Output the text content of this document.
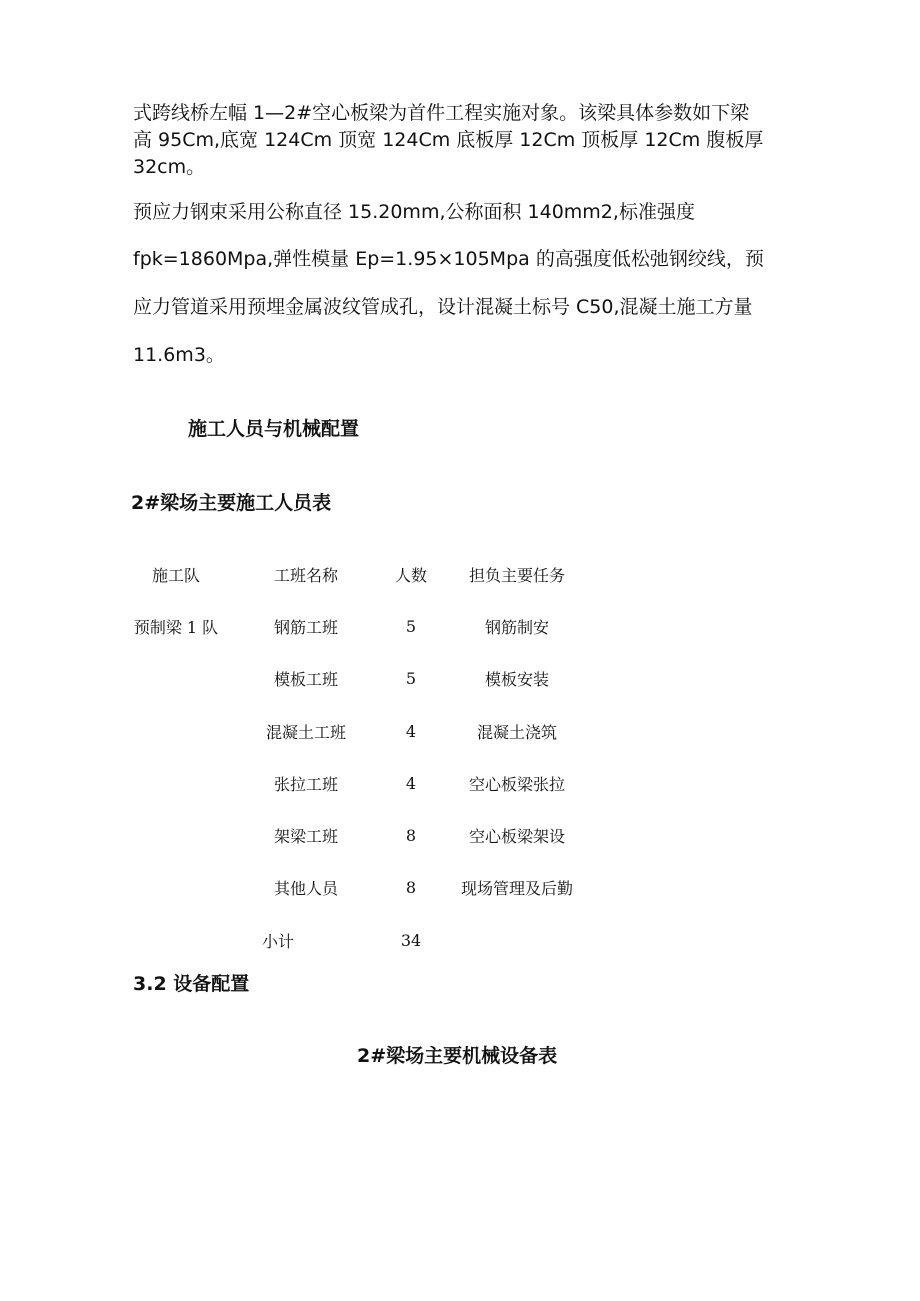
式跨线桥左幅 1—2#空心板梁为首件工程实施对象。该梁具体参数如下梁

高 95Cm,底宽 124Cm 顶宽 124Cm 底板厚 12Cm 顶板厚 12Cm 腹板厚

32cm。

预应力钢束采用公称直径 15.20mm,公称面积 140mm2,标准强度

fpk=1860Mpa,弹性模量 Ep=1.95×105Mpa 的高强度低松弛钢绞线，预

应力管道采用预埋金属波纹管成孔，设计混凝土标号 C50,混凝土施工方量

11.6m3。

施工人员与机械配置
2#梁场主要施工人员表
施工队	工班名称	人数	担负主要任务
预制梁 1 队	钢筋工班	5	钢筋制安
	模板工班	5	模板安装
	混凝土工班	4	混凝土浇筑
	张拉工班	4	空心板梁张拉
	架梁工班	8	空心板梁架设
	其他人员	8	现场管理及后勤
	小计	34	
3.2 设备配置
2#梁场主要机械设备表
